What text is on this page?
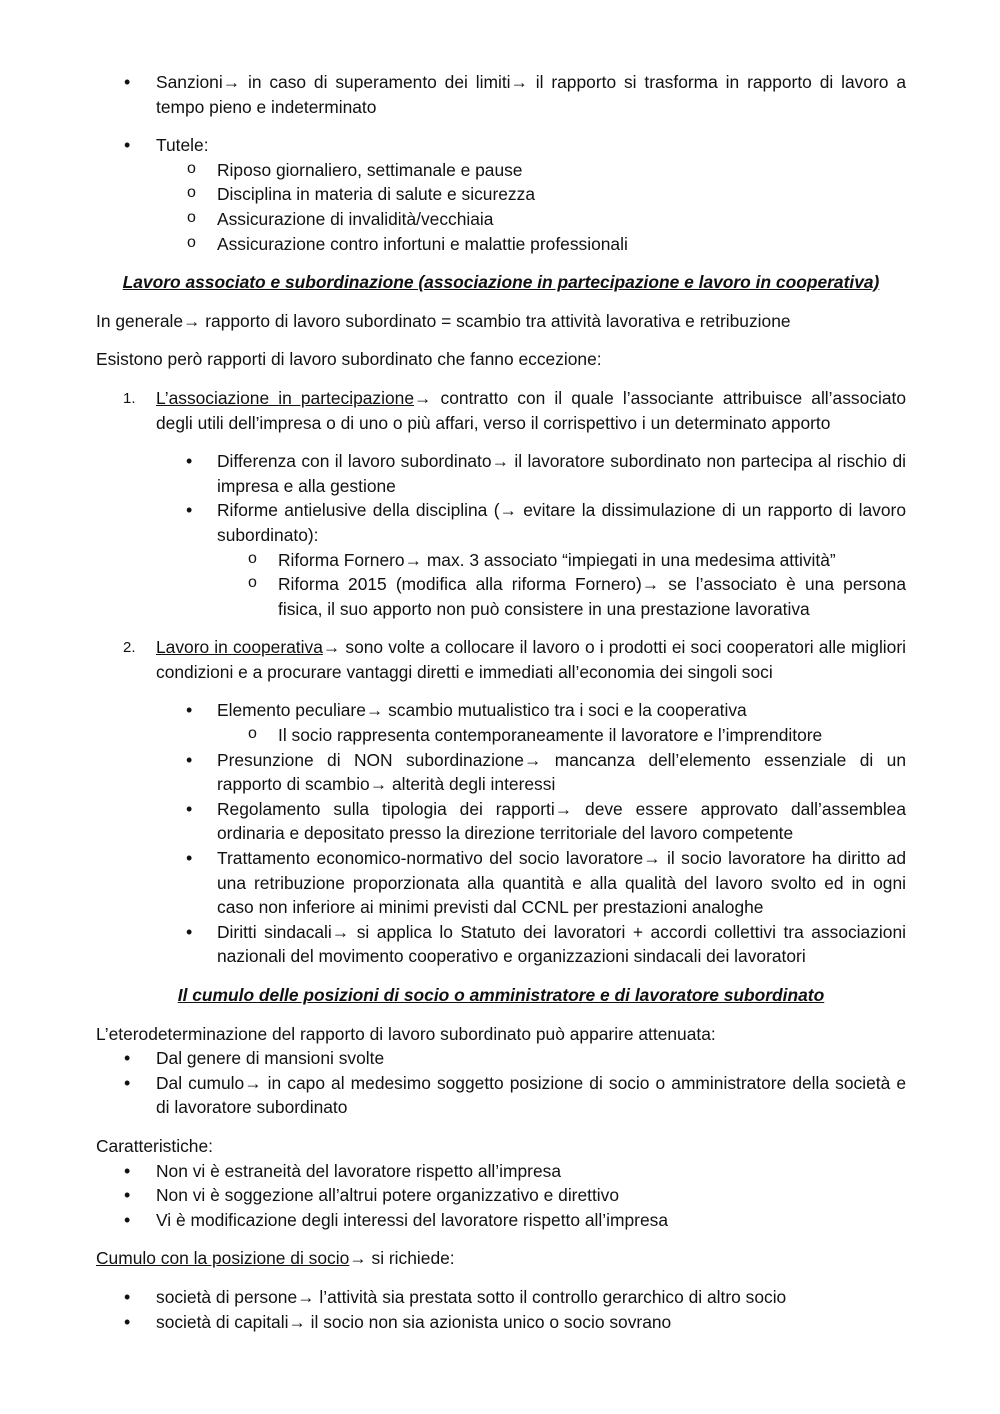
• Sanzioni→ in caso di superamento dei limiti→ il rapporto si trasforma in rapporto di lavoro a tempo pieno e indeterminato
• Tutele:
o Riposo giornaliero, settimanale e pause
o Disciplina in materia di salute e sicurezza
o Assicurazione di invalidità/vecchiaia
o Assicurazione contro infortuni e malattie professionali

Lavoro associato e subordinazione (associazione in partecipazione e lavoro in cooperativa)

In generale→ rapporto di lavoro subordinato = scambio tra attività lavorativa e retribuzione

Esistono però rapporti di lavoro subordinato che fanno eccezione:

1. L’associazione in partecipazione→ contratto con il quale l’associante attribuisce all’associato degli utili dell’impresa o di uno o più affari, verso il corrispettivo i un determinato apporto
• Differenza con il lavoro subordinato→ il lavoratore subordinato non partecipa al rischio di impresa e alla gestione
• Riforme antielusive della disciplina (→ evitare la dissimulazione di un rapporto di lavoro subordinato):
o Riforma Fornero→ max. 3 associato “impiegati in una medesima attività”
o Riforma 2015 (modifica alla riforma Fornero)→ se l’associato è una persona fisica, il suo apporto non può consistere in una prestazione lavorativa
2. Lavoro in cooperativa→ sono volte a collocare il lavoro o i prodotti ei soci cooperatori alle migliori condizioni e a procurare vantaggi diretti e immediati all’economia dei singoli soci
• Elemento peculiare→ scambio mutualistico tra i soci e la cooperativa
o Il socio rappresenta contemporaneamente il lavoratore e l’imprenditore
• Presunzione di NON subordinazione→ mancanza dell’elemento essenziale di un rapporto di scambio→ alterità degli interessi
• Regolamento sulla tipologia dei rapporti→ deve essere approvato dall’assemblea ordinaria e depositato presso la direzione territoriale del lavoro competente
• Trattamento economico-normativo del socio lavoratore→ il socio lavoratore ha diritto ad una retribuzione proporzionata alla quantità e alla qualità del lavoro svolto ed in ogni caso non inferiore ai minimi previsti dal CCNL per prestazioni analoghe
• Diritti sindacali→ si applica lo Statuto dei lavoratori + accordi collettivi tra associazioni nazionali del movimento cooperativo e organizzazioni sindacali dei lavoratori

Il cumulo delle posizioni di socio o amministratore e di lavoratore subordinato

L’eterodeterminazione del rapporto di lavoro subordinato può apparire attenuata:

• Dal genere di mansioni svolte
• Dal cumulo→ in capo al medesimo soggetto posizione di socio o amministratore della società e di lavoratore subordinato

Caratteristiche:

• Non vi è estraneità del lavoratore rispetto all’impresa
• Non vi è soggezione all’altrui potere organizzativo e direttivo
• Vi è modificazione degli interessi del lavoratore rispetto all’impresa

Cumulo con la posizione di socio→ si richiede:

• società di persone→ l’attività sia prestata sotto il controllo gerarchico di altro socio
• società di capitali→ il socio non sia azionista unico o socio sovrano
